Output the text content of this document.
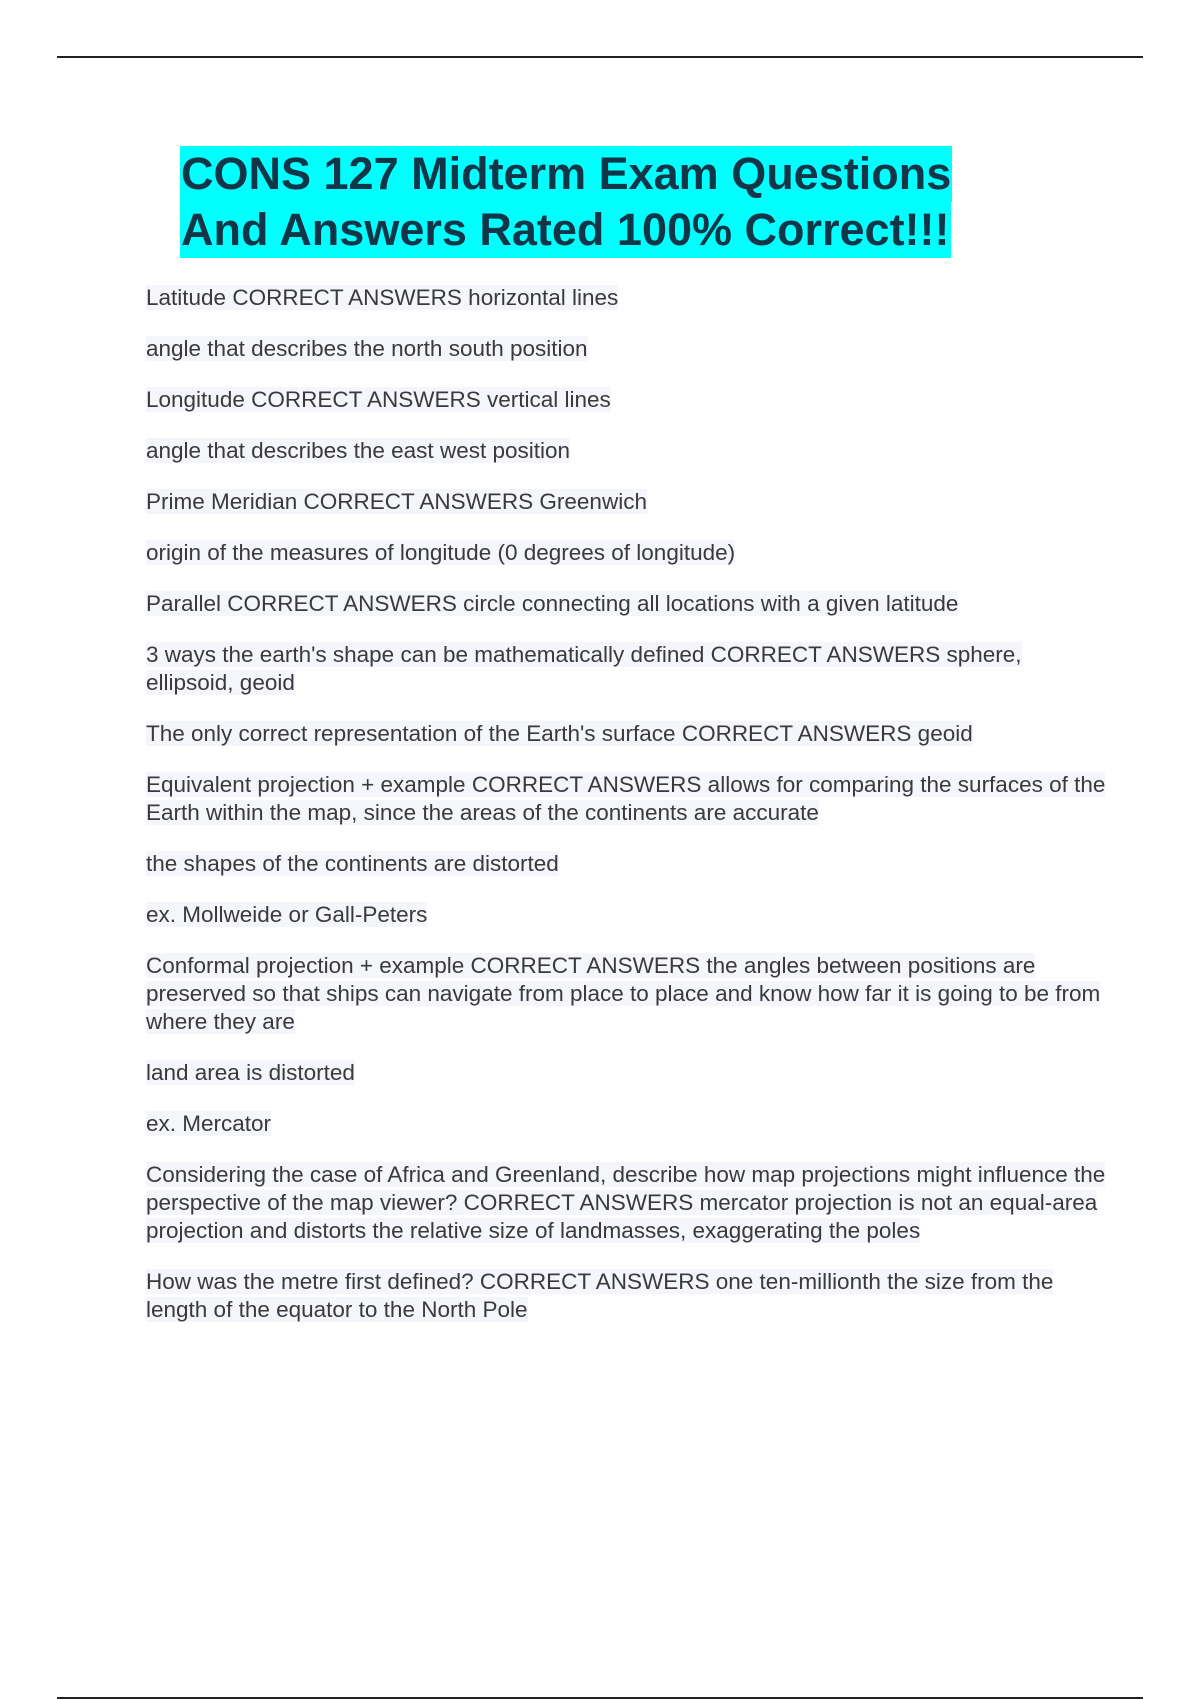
CONS 127 Midterm Exam Questions
And Answers Rated 100% Correct!!!

Latitude CORRECT ANSWERS horizontal lines

angle that describes the north south position

Longitude CORRECT ANSWERS vertical lines

angle that describes the east west position

Prime Meridian CORRECT ANSWERS Greenwich

origin of the measures of longitude (0 degrees of longitude)

Parallel CORRECT ANSWERS circle connecting all locations with a given latitude

3 ways the earth's shape can be mathematically defined CORRECT ANSWERS sphere, ellipsoid, geoid

The only correct representation of the Earth's surface CORRECT ANSWERS geoid

Equivalent projection + example CORRECT ANSWERS allows for comparing the surfaces of the Earth within the map, since the areas of the continents are accurate

the shapes of the continents are distorted

ex. Mollweide or Gall-Peters

Conformal projection + example CORRECT ANSWERS the angles between positions are preserved so that ships can navigate from place to place and know how far it is going to be from where they are

land area is distorted

ex. Mercator

Considering the case of Africa and Greenland, describe how map projections might influence the perspective of the map viewer? CORRECT ANSWERS mercator projection is not an equal-area projection and distorts the relative size of landmasses, exaggerating the poles

How was the metre first defined? CORRECT ANSWERS one ten-millionth the size from the length of the equator to the North Pole
